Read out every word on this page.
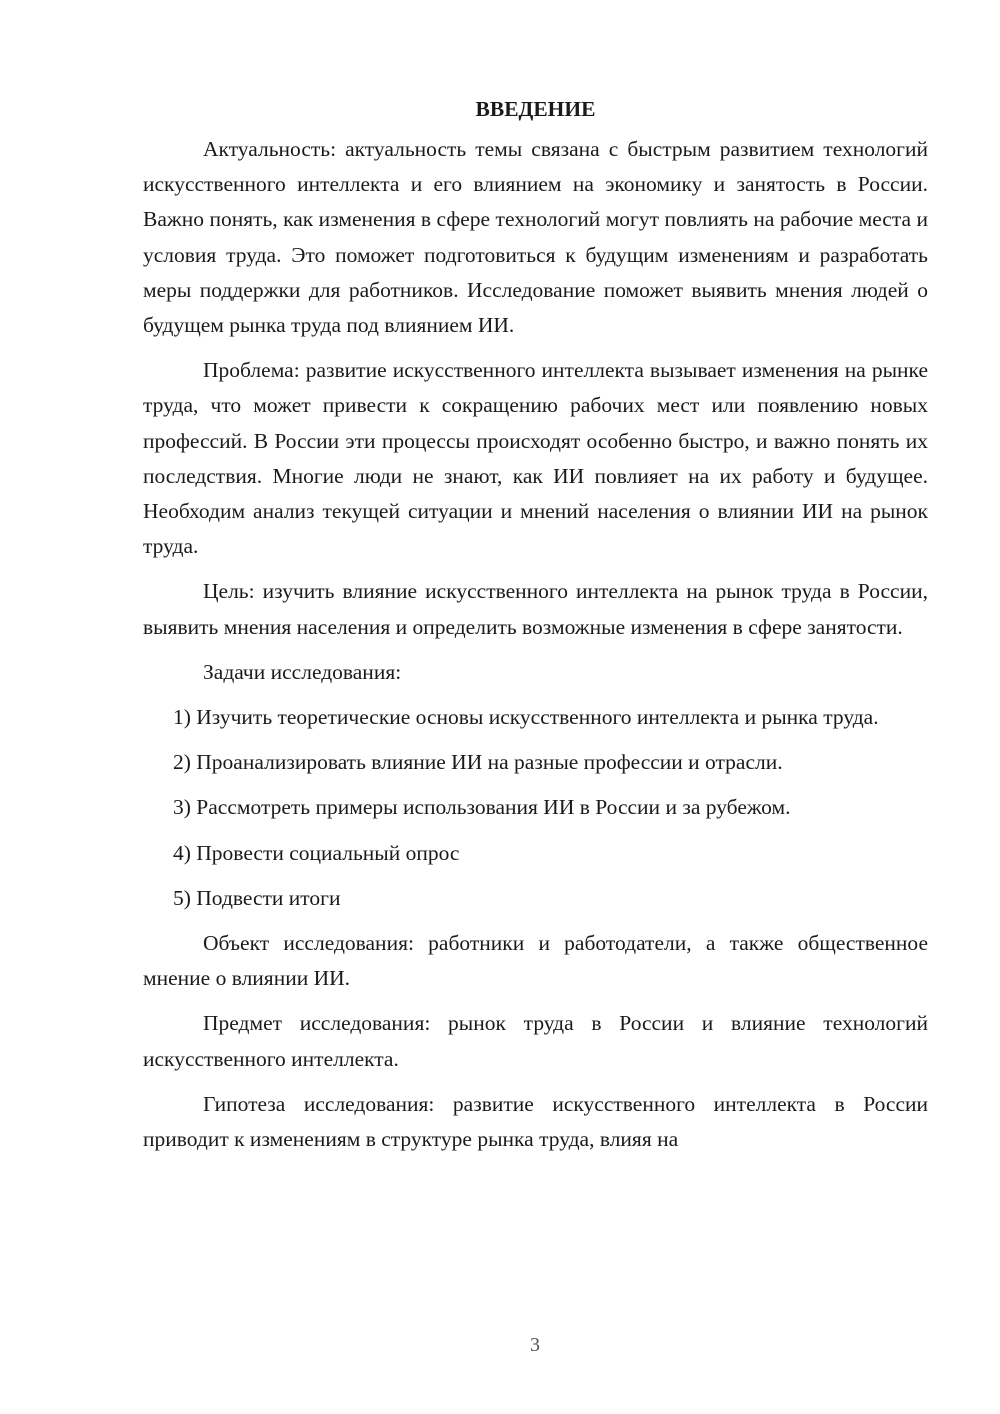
ВВЕДЕНИЕ

Актуальность: актуальность темы связана с быстрым развитием технологий искусственного интеллекта и его влиянием на экономику и занятость в России. Важно понять, как изменения в сфере технологий могут повлиять на рабочие места и условия труда. Это поможет подготовиться к будущим изменениям и разработать меры поддержки для работников. Исследование поможет выявить мнения людей о будущем рынка труда под влиянием ИИ.

Проблема: развитие искусственного интеллекта вызывает изменения на рынке труда, что может привести к сокращению рабочих мест или появлению новых профессий. В России эти процессы происходят особенно быстро, и важно понять их последствия. Многие люди не знают, как ИИ повлияет на их работу и будущее. Необходим анализ текущей ситуации и мнений населения о влиянии ИИ на рынок труда.

Цель: изучить влияние искусственного интеллекта на рынок труда в России, выявить мнения населения и определить возможные изменения в сфере занятости.

Задачи исследования:

1) Изучить теоретические основы искусственного интеллекта и рынка труда.

2) Проанализировать влияние ИИ на разные профессии и отрасли.

3) Рассмотреть примеры использования ИИ в России и за рубежом.

4) Провести социальный опрос

5) Подвести итоги

Объект исследования: работники и работодатели, а также общественное мнение о влиянии ИИ.

Предмет исследования: рынок труда в России и влияние технологий искусственного интеллекта.

Гипотеза исследования: развитие искусственного интеллекта в России приводит к изменениям в структуре рынка труда, влияя на

3
